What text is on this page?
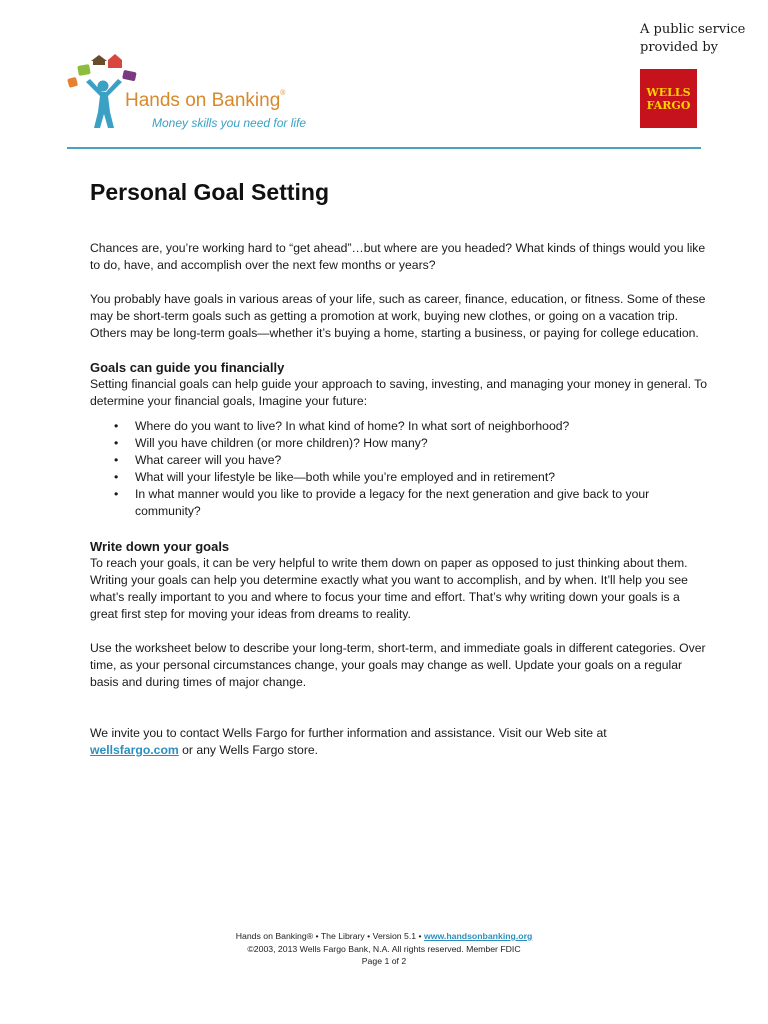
Hands on Banking®
Money skills you need for life
A public service
provided by
WELLS
FARGO
Personal Goal Setting

Chances are, you’re working hard to “get ahead”…but where are you headed? What kinds of things would you like to do, have, and accomplish over the next few months or years?

You probably have goals in various areas of your life, such as career, finance, education, or fitness. Some of these may be short-term goals such as getting a promotion at work, buying new clothes, or going on a vacation trip. Others may be long-term goals—whether it’s buying a home, starting a business, or paying for college education.

Goals can guide you financially

Setting financial goals can help guide your approach to saving, investing, and managing your money in general. To determine your financial goals, Imagine your future:

• Where do you want to live? In what kind of home? In what sort of neighborhood?
• Will you have children (or more children)? How many?
• What career will you have?
• What will your lifestyle be like—both while you’re employed and in retirement?
• In what manner would you like to provide a legacy for the next generation and give back to your community?
Write down your goals

To reach your goals, it can be very helpful to write them down on paper as opposed to just thinking about them. Writing your goals can help you determine exactly what you want to accomplish, and by when. It’ll help you see what’s really important to you and where to focus your time and effort. That’s why writing down your goals is a great first step for moving your ideas from dreams to reality.

Use the worksheet below to describe your long-term, short-term, and immediate goals in different categories. Over time, as your personal circumstances change, your goals may change as well. Update your goals on a regular basis and during times of major change.

We invite you to contact Wells Fargo for further information and assistance. Visit our Web site at
wellsfargo.com or any Wells Fargo store.

Hands on Banking® • The Library • Version 5.1 • www.handsonbanking.org
©2003, 2013 Wells Fargo Bank, N.A. All rights reserved. Member FDIC
Page 1 of 2
